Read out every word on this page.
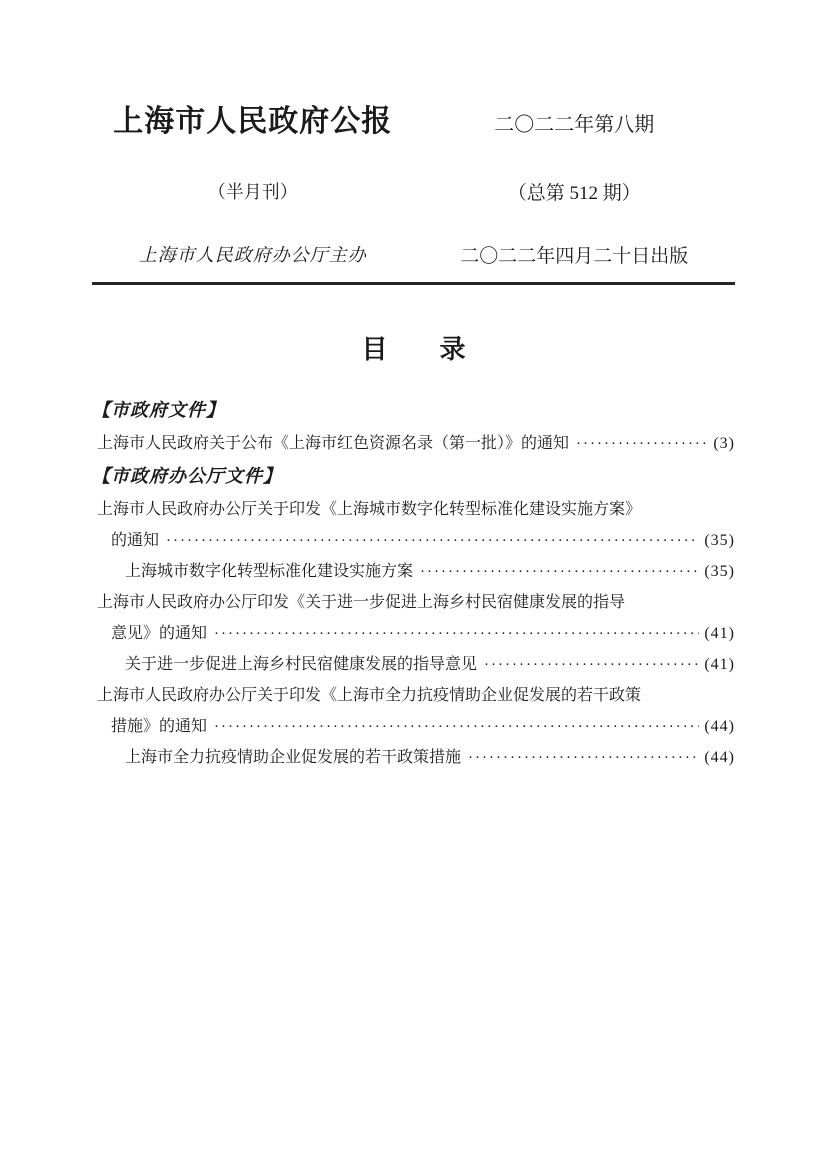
上海市人民政府公报	二〇二二年第八期
（半月刊）	（总第 512 期）
上海市人民政府办公厅主办	二〇二二年四月二十日出版
目　　录
【市政府文件】
上海市人民政府关于公布《上海市红色资源名录（第一批）》的通知 ·····	(3)
【市政府办公厅文件】
上海市人民政府办公厅关于印发《上海城市数字化转型标准化建设实施方案》
的通知 ·····	(35)
上海城市数字化转型标准化建设实施方案 ·····	(35)
上海市人民政府办公厅印发《关于进一步促进上海乡村民宿健康发展的指导
意见》的通知 ·····	(41)
关于进一步促进上海乡村民宿健康发展的指导意见 ·····	(41)
上海市人民政府办公厅关于印发《上海市全力抗疫情助企业促发展的若干政策
措施》的通知 ·····	(44)
上海市全力抗疫情助企业促发展的若干政策措施 ·····	(44)
